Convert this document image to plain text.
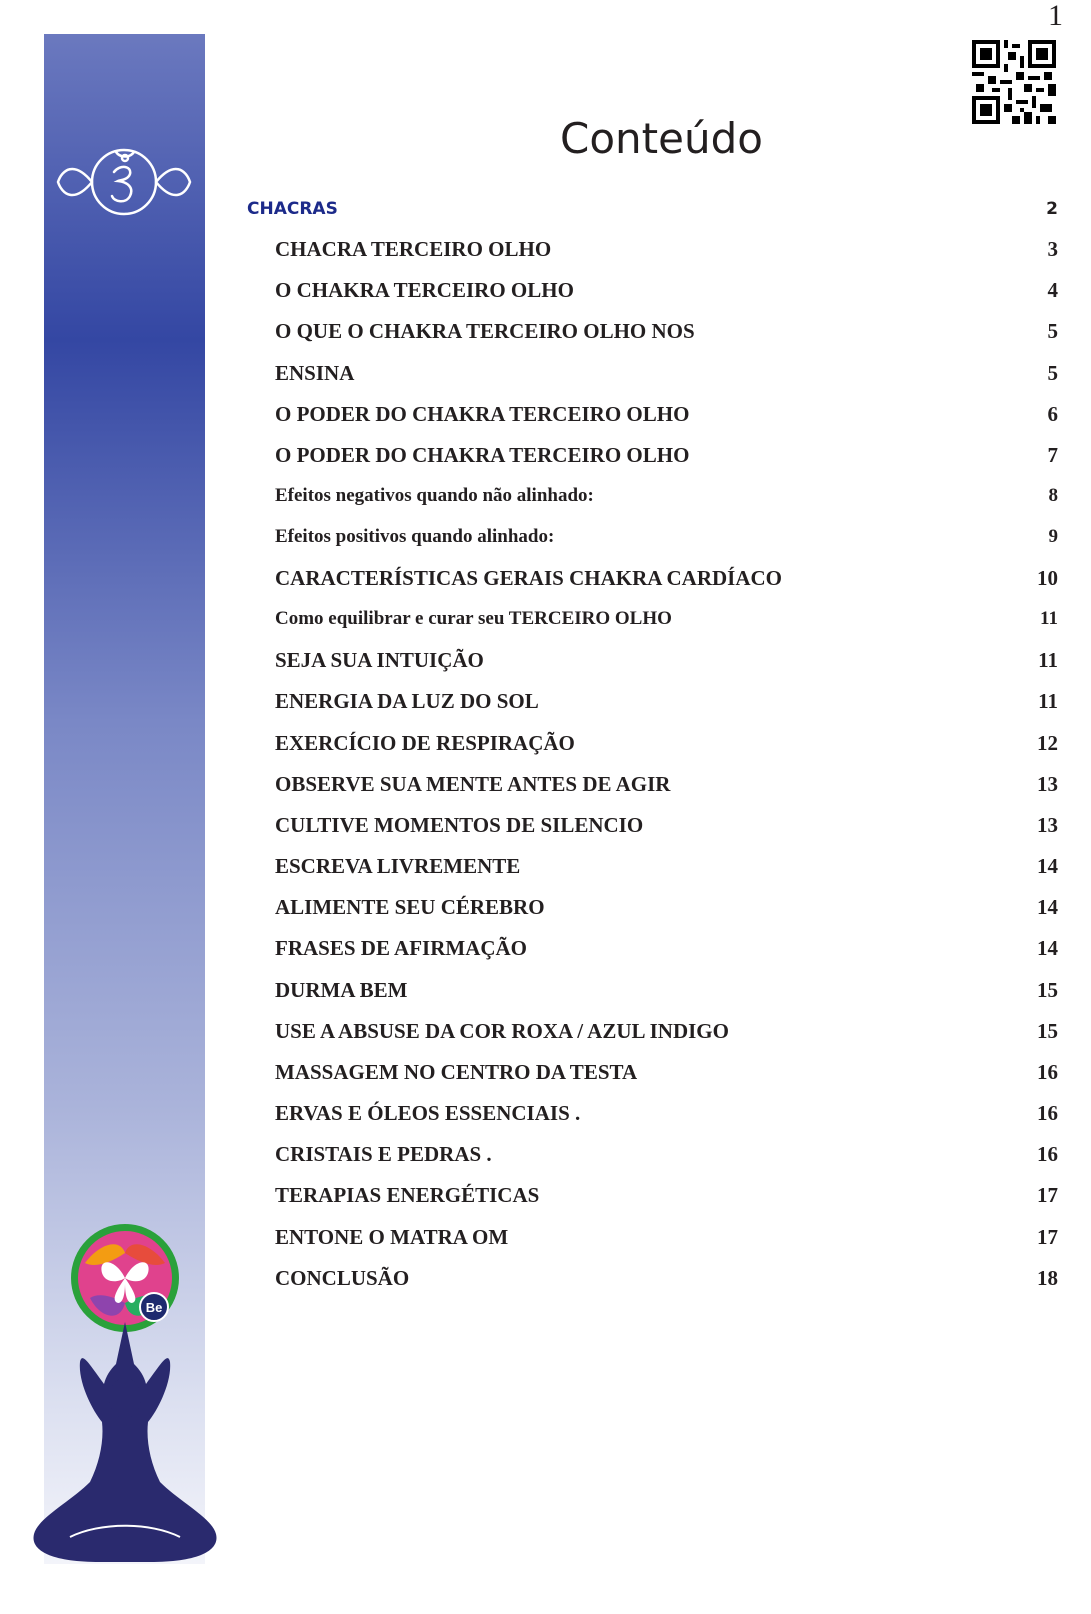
Be
1
Conteúdo
CHACRAS	2
CHACRA TERCEIRO OLHO	3
O CHAKRA TERCEIRO OLHO	4
O QUE O CHAKRA TERCEIRO OLHO NOS	5
ENSINA	5
O PODER DO CHAKRA TERCEIRO OLHO	6
O PODER DO CHAKRA TERCEIRO OLHO	7
Efeitos negativos quando não alinhado:	8
Efeitos positivos quando alinhado:	9
CARACTERÍSTICAS GERAIS CHAKRA CARDÍACO	10
Como equilibrar e curar seu TERCEIRO OLHO	11
SEJA SUA INTUIÇÃO	11
ENERGIA DA LUZ DO SOL	11
EXERCÍCIO DE RESPIRAÇÃO	12
OBSERVE SUA MENTE ANTES DE AGIR	13
CULTIVE MOMENTOS DE SILENCIO	13
ESCREVA LIVREMENTE	14
ALIMENTE SEU CÉREBRO	14
FRASES DE AFIRMAÇÃO	14
DURMA BEM	15
USE A ABSUSE DA COR ROXA / AZUL INDIGO	15
MASSAGEM NO CENTRO DA TESTA	16
ERVAS E ÓLEOS ESSENCIAIS .	16
CRISTAIS E PEDRAS .	16
TERAPIAS ENERGÉTICAS	17
ENTONE O MATRA OM	17
CONCLUSÃO	18
